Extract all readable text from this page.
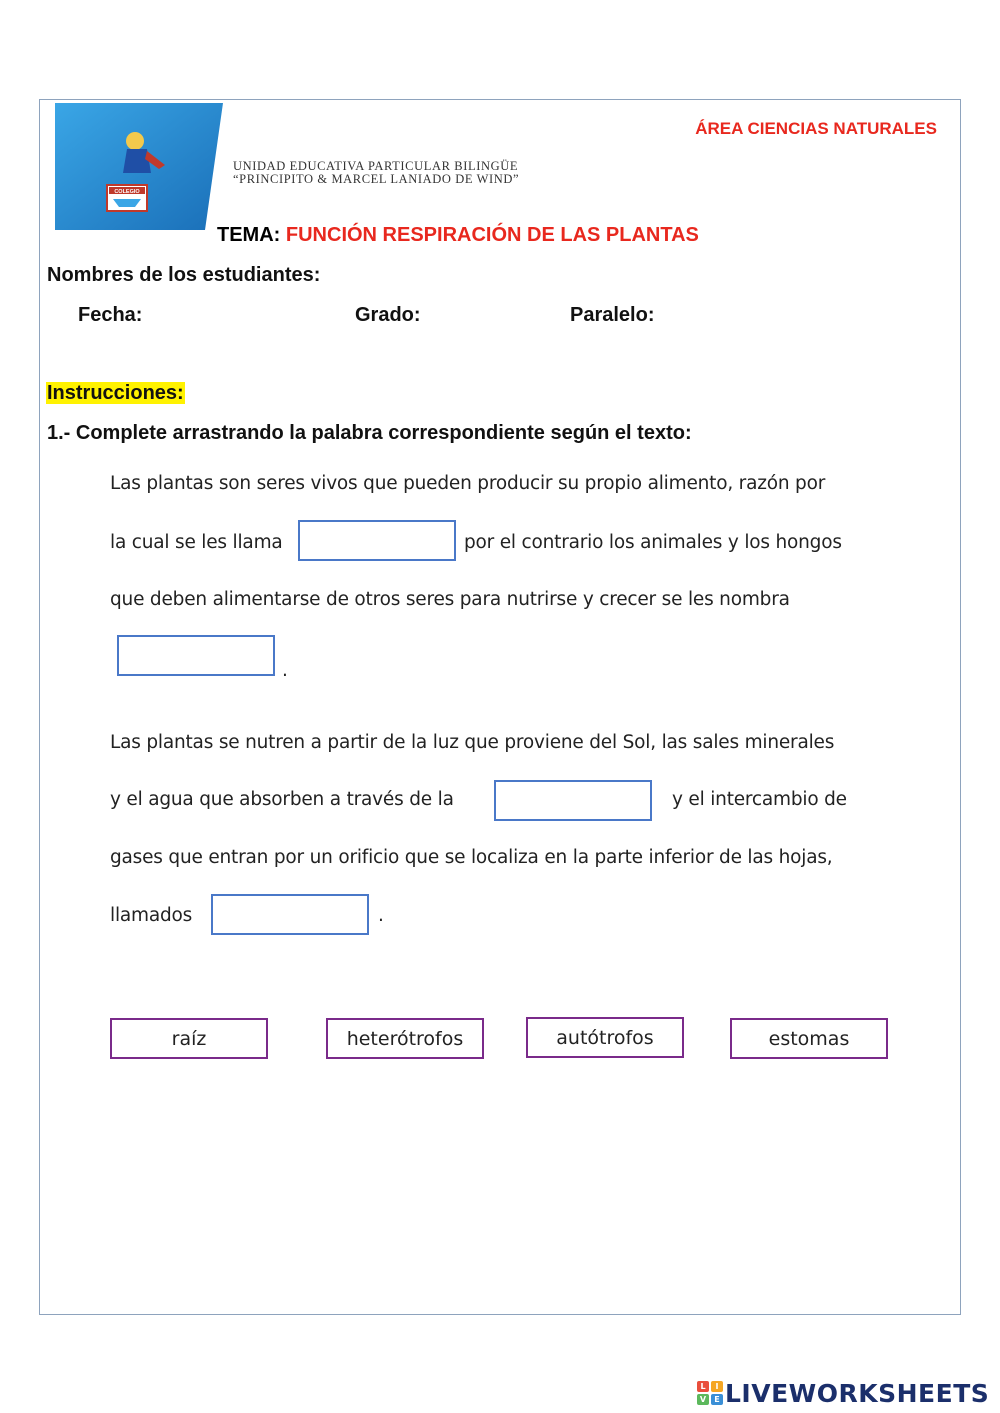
COLEGIO
UNIDAD EDUCATIVA PARTICULAR BILINGÜE
“PRINCIPITO & MARCEL LANIADO DE WIND”
ÁREA CIENCIAS NATURALES
TEMA: FUNCIÓN RESPIRACIÓN DE LAS PLANTAS
Nombres de los estudiantes:
Fecha:	Grado:	Paralelo:
Instrucciones:
1.- Complete arrastrando la palabra correspondiente según el texto:
Las plantas son seres vivos que pueden producir su propio alimento, razón por
la cual se les llama	por el contrario los animales y los hongos
que deben alimentarse de otros seres para nutrirse y crecer se les nombra
.
Las plantas se nutren a partir de la luz que proviene del Sol, las sales minerales
y el agua que absorben a través de la	y el intercambio de
gases que entran por un orificio que se localiza en la parte inferior de las hojas,
llamados	.
raíz	heterótrofos	autótrofos	estomas
L	I
V	E LIVEWORKSHEETS
